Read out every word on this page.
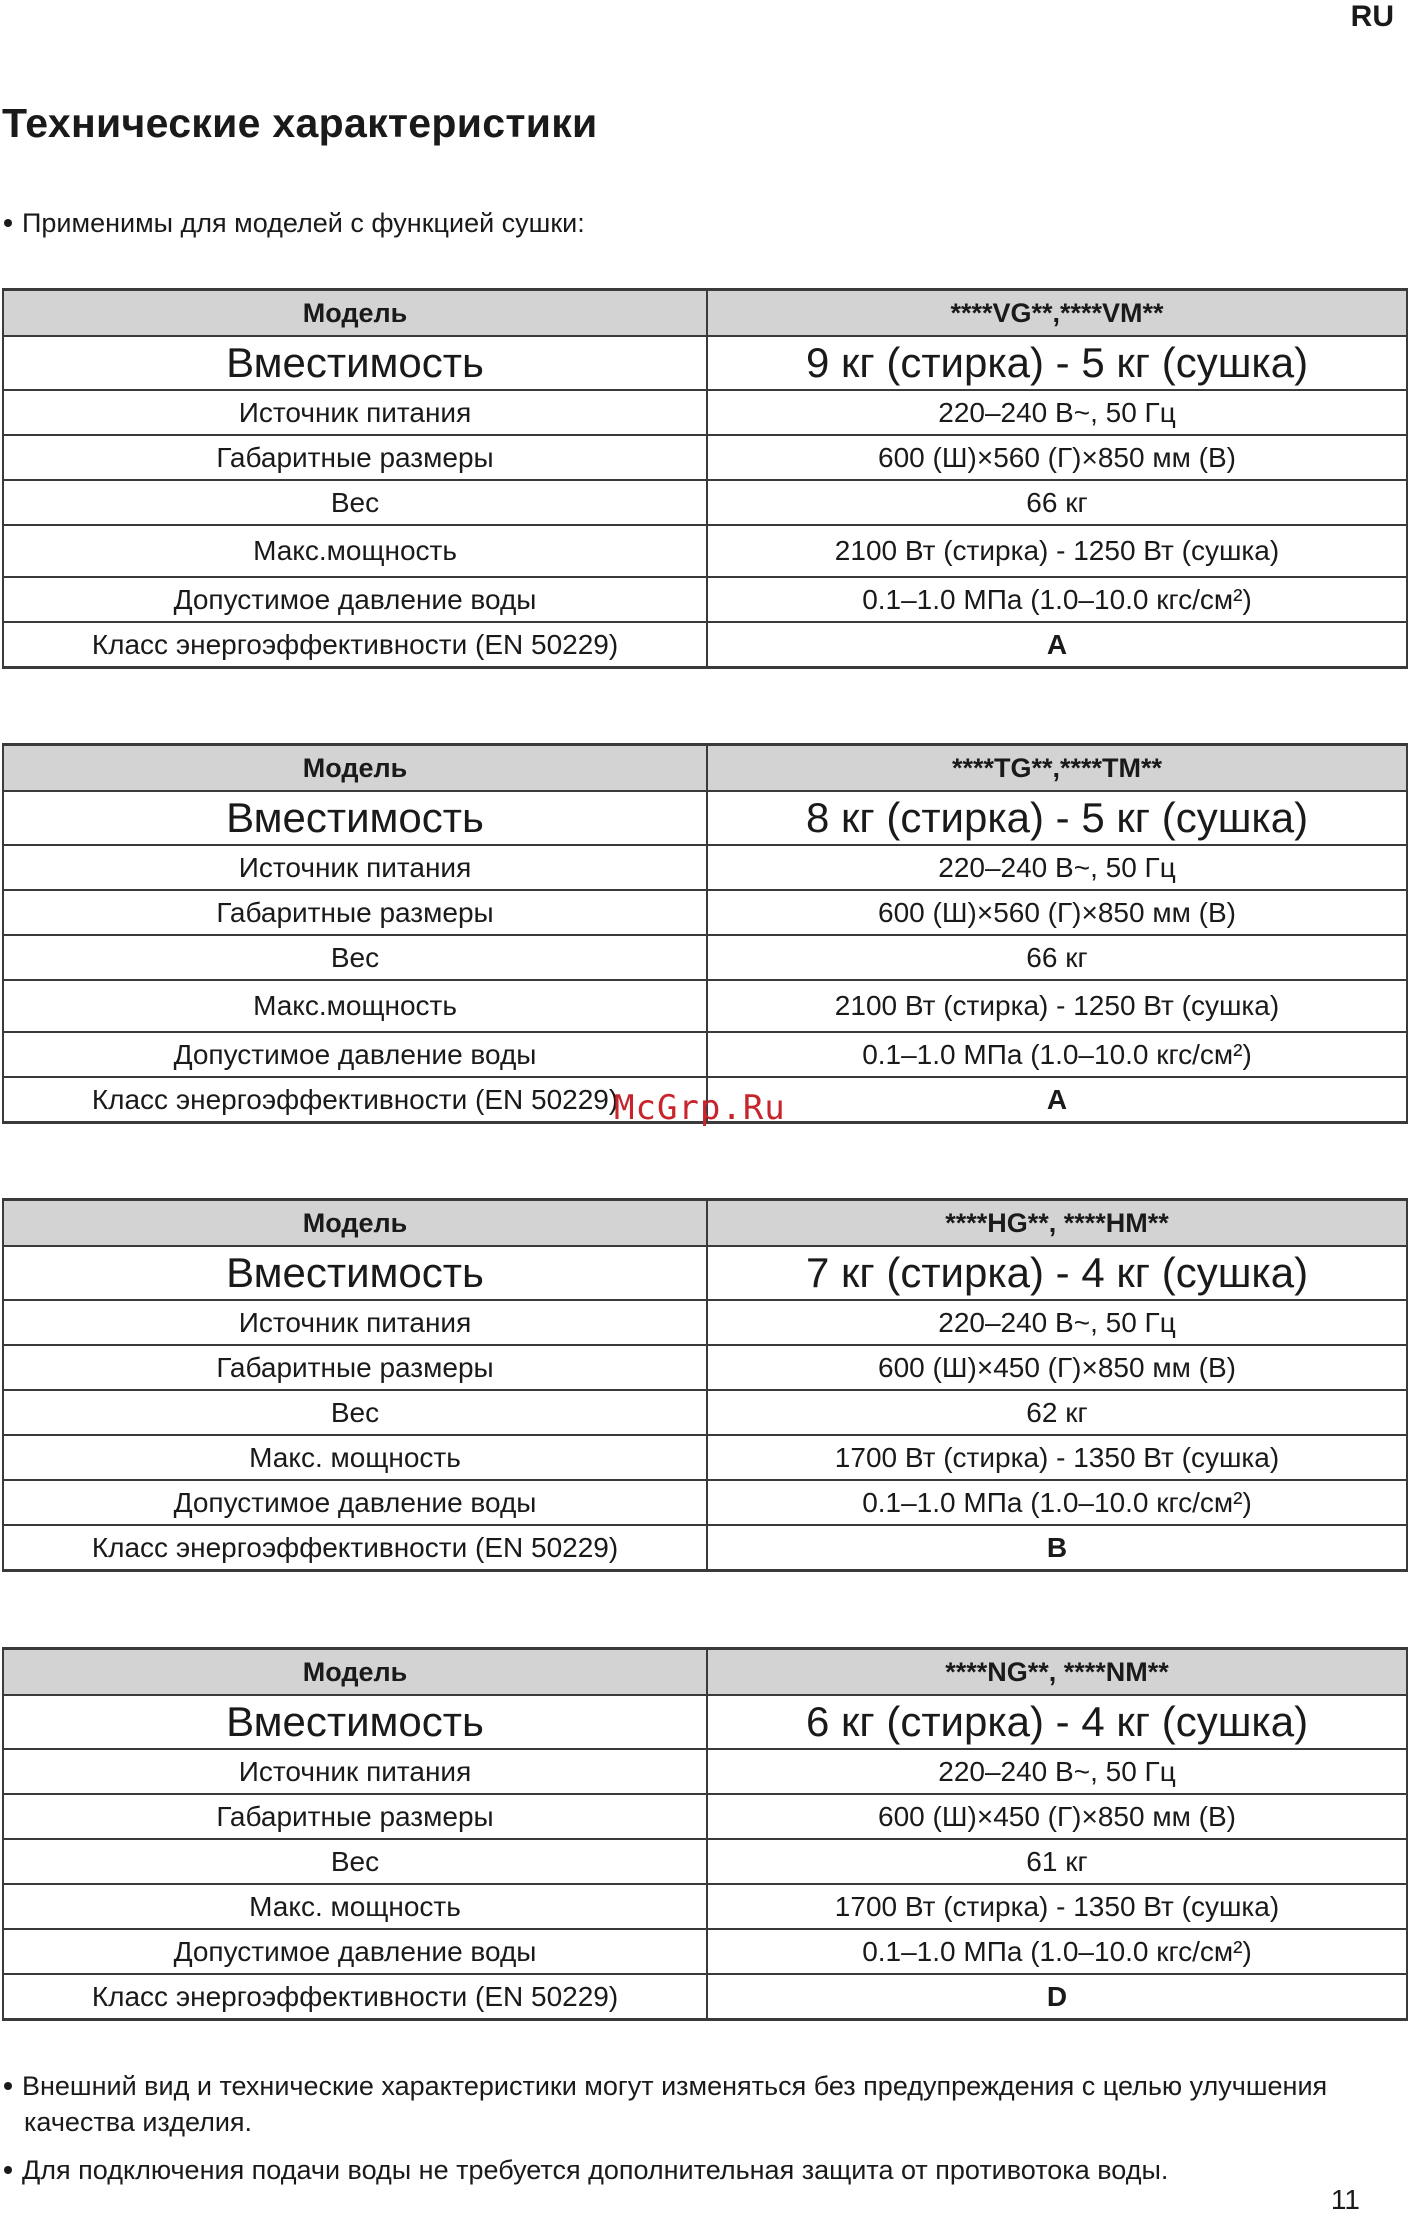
RU
Технические характеристики
Применимы для моделей с функцией сушки:
Модель	****VG**,****VM**
Вместимость	9 кг (стирка) - 5 кг (сушка)
Источник питания	220–240 В~, 50 Гц
Габаритные размеры	600 (Ш)×560 (Г)×850 мм (В)
Вес	66 кг
Макс.мощность	2100 Вт (стирка) - 1250 Вт (сушка)
Допустимое давление воды	0.1–1.0 МПа (1.0–10.0 кгс/см²)
Класс энергоэффективности (EN 50229)	A
Модель	****TG**,****TM**
Вместимость	8 кг (стирка) - 5 кг (сушка)
Источник питания	220–240 В~, 50 Гц
Габаритные размеры	600 (Ш)×560 (Г)×850 мм (В)
Вес	66 кг
Макс.мощность	2100 Вт (стирка) - 1250 Вт (сушка)
Допустимое давление воды	0.1–1.0 МПа (1.0–10.0 кгс/см²)
Класс энергоэффективности (EN 50229)	A
Модель	****HG**, ****HM**
Вместимость	7 кг (стирка) - 4 кг (сушка)
Источник питания	220–240 В~, 50 Гц
Габаритные размеры	600 (Ш)×450 (Г)×850 мм (В)
Вес	62 кг
Макс. мощность	1700 Вт (стирка) - 1350 Вт (сушка)
Допустимое давление воды	0.1–1.0 МПа (1.0–10.0 кгс/см²)
Класс энергоэффективности (EN 50229)	B
Модель	****NG**, ****NM**
Вместимость	6 кг (стирка) - 4 кг (сушка)
Источник питания	220–240 В~, 50 Гц
Габаритные размеры	600 (Ш)×450 (Г)×850 мм (В)
Вес	61 кг
Макс. мощность	1700 Вт (стирка) - 1350 Вт (сушка)
Допустимое давление воды	0.1–1.0 МПа (1.0–10.0 кгс/см²)
Класс энергоэффективности (EN 50229)	D
Внешний вид и технические характеристики могут изменяться без предупреждения с целью улучшения качества изделия.
Для подключения подачи воды не требуется дополнительная защита от противотока воды.
McGrp.Ru
11
